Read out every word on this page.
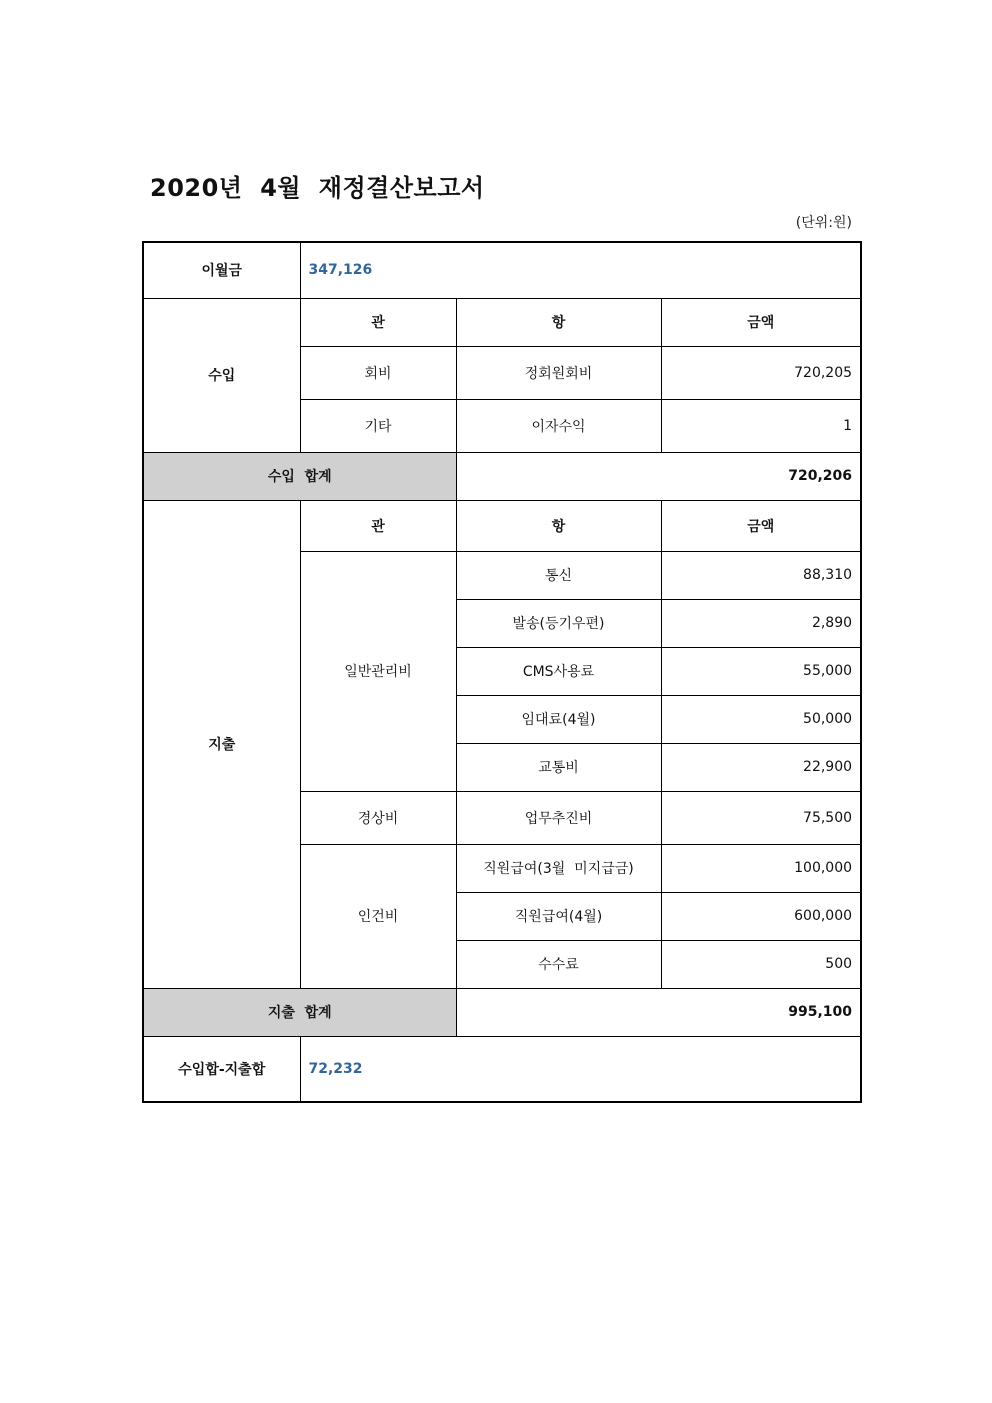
2020년  4월  재정결산보고서
(단위:원)
이월금	347,126		
수입	관	항	금액
	회비	정회원회비	720,205
	기타	이자수익	1
수입  합계		720,206	
지출	관	항	금액
	일반관리비	통신	88,310
		발송(등기우편)	2,890
		CMS사용료	55,000
		임대료(4월)	50,000
		교통비	22,900
	경상비	업무추진비	75,500
	인건비	직원급여(3월  미지급금)	100,000
		직원급여(4월)	600,000
		수수료	500
지출  합계		995,100	
수입합-지출합	72,232		
